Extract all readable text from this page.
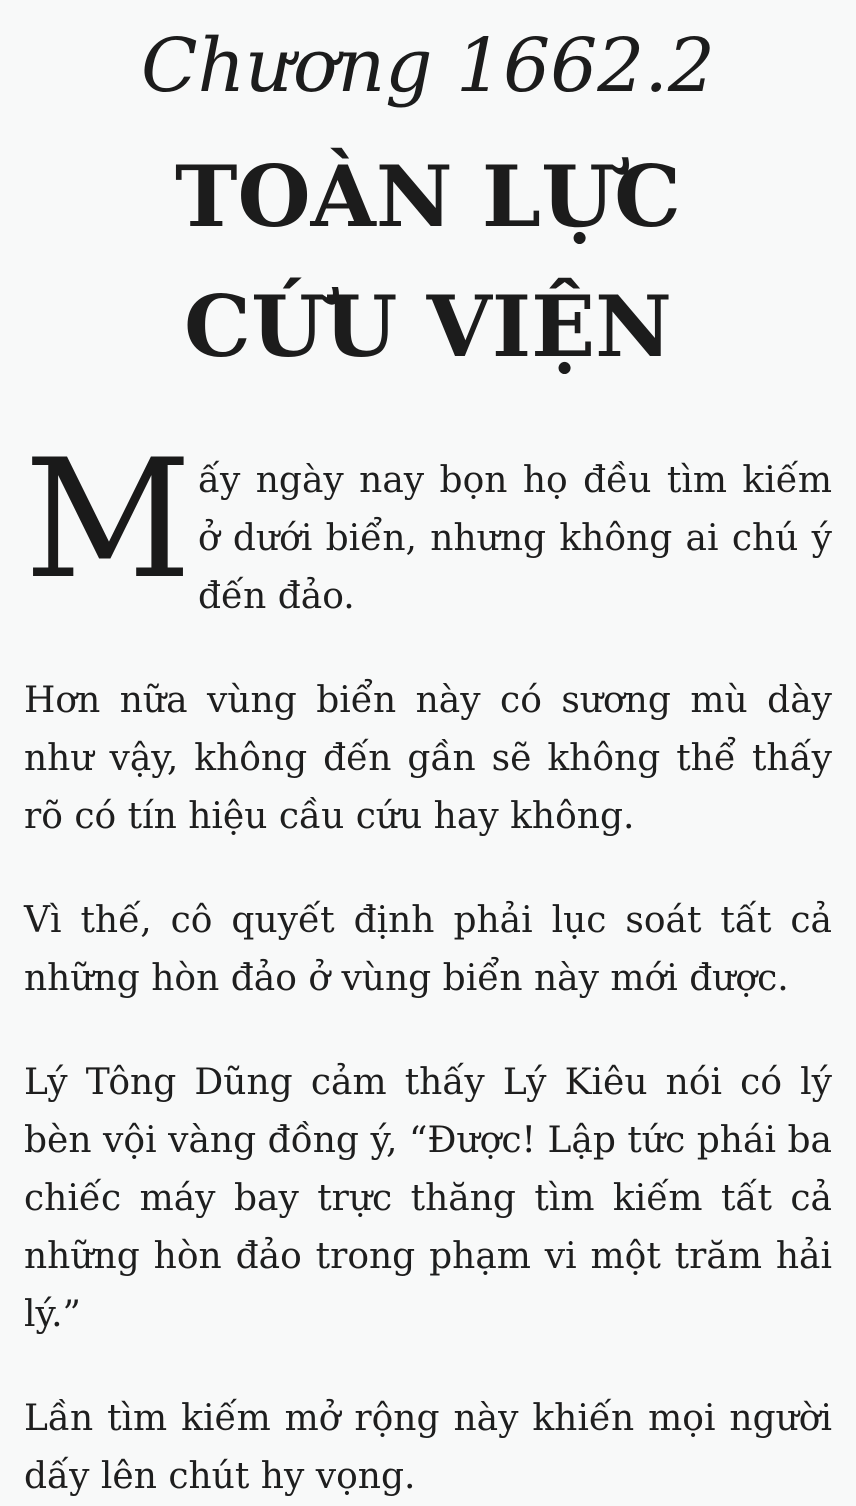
Chương 1662.2
TOÀN LỰC CỨU VIỆN

Mấy ngày nay bọn họ đều tìm kiếm ở dưới biển, nhưng không ai chú ý đến đảo.

Hơn nữa vùng biển này có sương mù dày như vậy, không đến gần sẽ không thể thấy rõ có tín hiệu cầu cứu hay không.

Vì thế, cô quyết định phải lục soát tất cả những hòn đảo ở vùng biển này mới được.

Lý Tông Dũng cảm thấy Lý Kiêu nói có lý bèn vội vàng đồng ý, “Được! Lập tức phái ba chiếc máy bay trực thăng tìm kiếm tất cả những hòn đảo trong phạm vi một trăm hải lý.”

Lần tìm kiếm mở rộng này khiến mọi người dấy lên chút hy vọng.
